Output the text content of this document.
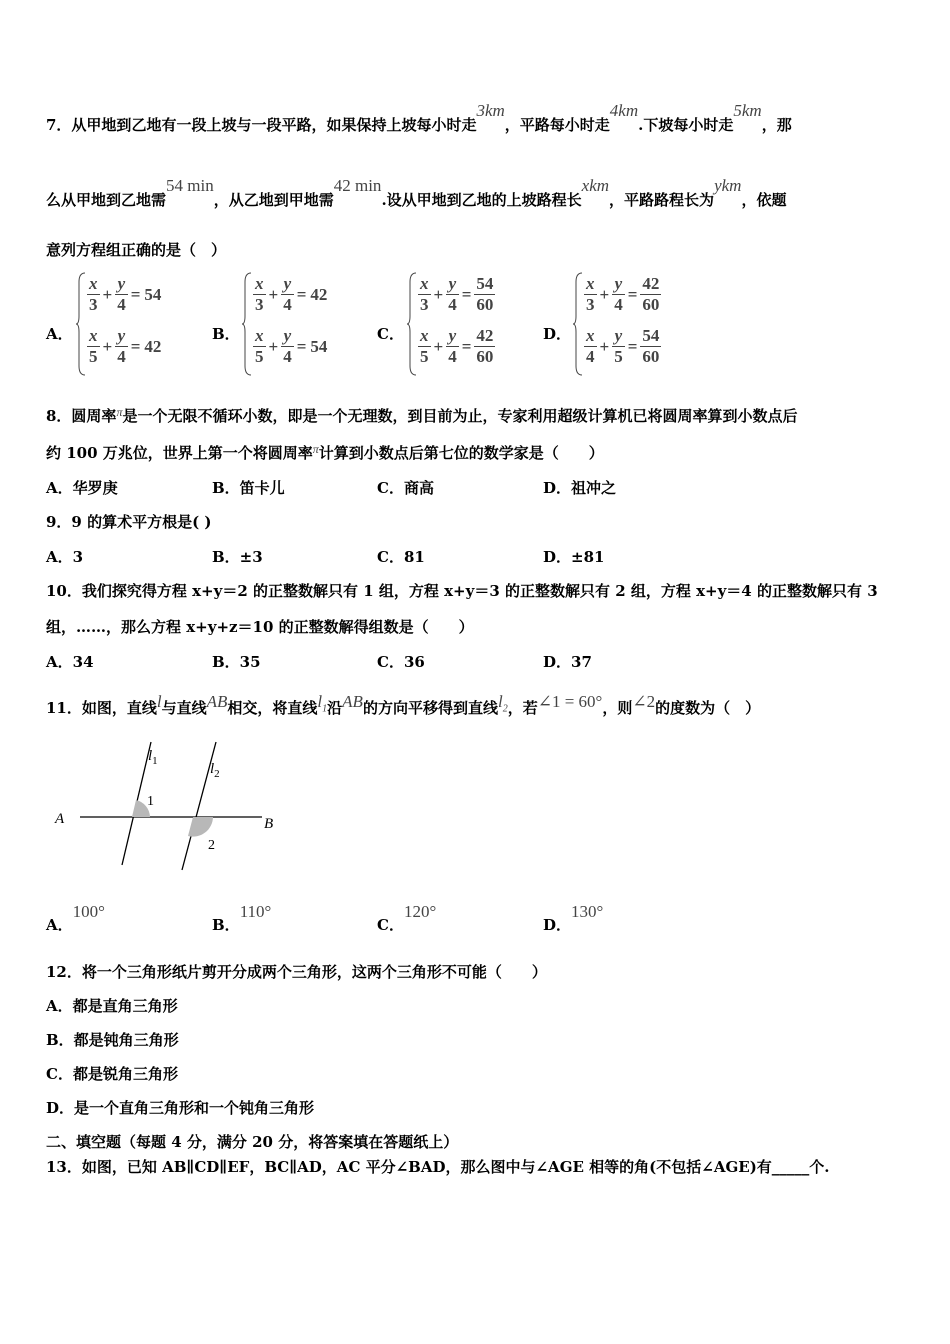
7．从甲地到乙地有一段上坡与一段平路，如果保持上坡每小时走3km，平路每小时走4km.下坡每小时走5km，那
么从甲地到乙地需54 min，从乙地到甲地需42 min.设从甲地到乙地的上坡路程长xkm，平路路程长为ykm，依题
意列方程组正确的是（　）
A．
$\frac{x}{3} + \frac{y}{4} = 54$
$\frac{x}{5} + \frac{y}{4} = 42$
B．
$\frac{x}{3} + \frac{y}{4} = 42$
$\frac{x}{5} + \frac{y}{4} = 54$
C．
$\frac{x}{3} + \frac{y}{4} = \frac{54}{60}$
$\frac{x}{5} + \frac{y}{4} = \frac{42}{60}$	D．
$\frac{x}{3} + \frac{y}{4} = \frac{42}{60}$
$\frac{x}{4} + \frac{y}{5} = \frac{54}{60}$
8．圆周率$^\pi$是一个无限不循环小数，即是一个无理数，到目前为止，专家利用超级计算机已将圆周率算到小数点后
约 100 万兆位，世界上第一个将圆周率$^\pi$计算到小数点后第七位的数学家是（　　）
A．华罗庚	B．笛卡儿	C．商高	D．祖冲之
9．9 的算术平方根是( )
A．3	B．±3	C．81	D．±81
10．我们探究得方程 x+y＝2 的正整数解只有 1 组，方程 x+y＝3 的正整数解只有 2 组，方程 x+y＝4 的正整数解只有 3
组，……，那么方程 x+y+z＝10 的正整数解得组数是（　　）
A．34	B．35	C．36	D．37
11．如图，直线l与直线AB相交，将直线$l_1$沿AB的方向平移得到直线$l_2$，若∠1 = 60°，则∠2的度数为（　）
A	B
$l_1$	$l_2$
1
2
A．100°
B．110°
C．120°
D．130°
12．将一个三角形纸片剪开分成两个三角形，这两个三角形不可能（　　）
A．都是直角三角形
B．都是钝角三角形
C．都是锐角三角形
D．是一个直角三角形和一个钝角三角形
二、填空题（每题 4 分，满分 20 分，将答案填在答题纸上）
13．如图，已知 AB∥CD∥EF，BC∥AD，AC 平分∠BAD，那么图中与∠AGE 相等的角(不包括∠AGE)有_____个.
